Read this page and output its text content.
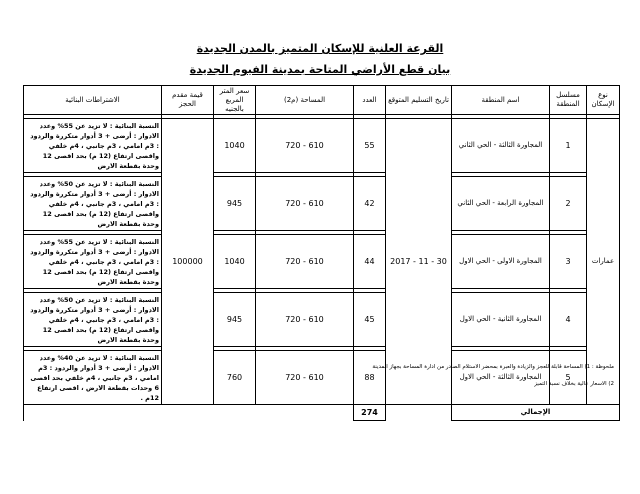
القرعة العلنية للإسكان المتميز بالمدن الجديدة
بيان قطع الأراضي المتاحة بمدينة الفيوم الجديدة
نوع الإسكان	مسلسل المنطقة	اسم المنطقة	تاريخ التسليم المتوقع	العدد	المساحة (م2)	سعر المتر المربع بالجنيه	قيمة مقدم الحجز	الاشتراطات البنائية

عمارات	1	المجاورة الثالثة - الحي الثاني	30 - 11 - 2017	55	610 - 720	1040	100000	النسبة البنائية : لا تزيد عن 55% وعدد الادوار : أرضى + 3 أدوار متكررة والردود : 3م امامي ، 3م جانبي ، 4م خلفي واقصى ارتفاع (12 م) بحد اقصى 12 وحدة بقطعة الارض

	2	المجاورة الرابعة - الحي الثاني		42	610 - 720	945		النسبة البنائية : لا تزيد عن 50% وعدد الادوار : أرضى + 3 أدوار متكررة والردود : 3م امامي ، 3م جانبي ، 4م خلفي واقصى ارتفاع (12 م) بحد اقصى 12 وحدة بقطعة الارض

	3	المجاورة الاولى - الحي الاول		44	610 - 720	1040		النسبة البنائية : لا تزيد عن 55% وعدد الادوار : أرضى + 3 أدوار متكررة والردود : 3م امامي ، 3م جانبي ، 4م خلفي واقصى ارتفاع (12 م) بحد اقصى 12 وحدة بقطعة الارض

	4	المجاورة الثانية - الحي الاول		45	610 - 720	945		النسبة البنائية : لا تزيد عن 50% وعدد الادوار : أرضى + 3 أدوار متكررة والردود : 3م امامي ، 3م جانبي ، 4م خلفي واقصى ارتفاع (12 م) بحد اقصى 12 وحدة بقطعة الارض

	5	المجاورة الثالثة - الحي الاول		88	610 - 720	760		النسبة البنائية : لا تزيد عن 40% وعدد الادوار : أرضى + 3 أدوار والردود : 3م امامي ، 3م جانبي ، 4م خلفي بحد اقصى 6 وحدات بقطعة الارض ، اقصى ارتفاع 12م .
الإجمالي				274				
ملحوظة : 1) المساحة قابلة للعجز والزيادة والعبرة بمحضر الاستلام الصادر من ادارة المساحة بجهاز المدينة
2) الاسعار عالية بخلاف نسبة التميز
